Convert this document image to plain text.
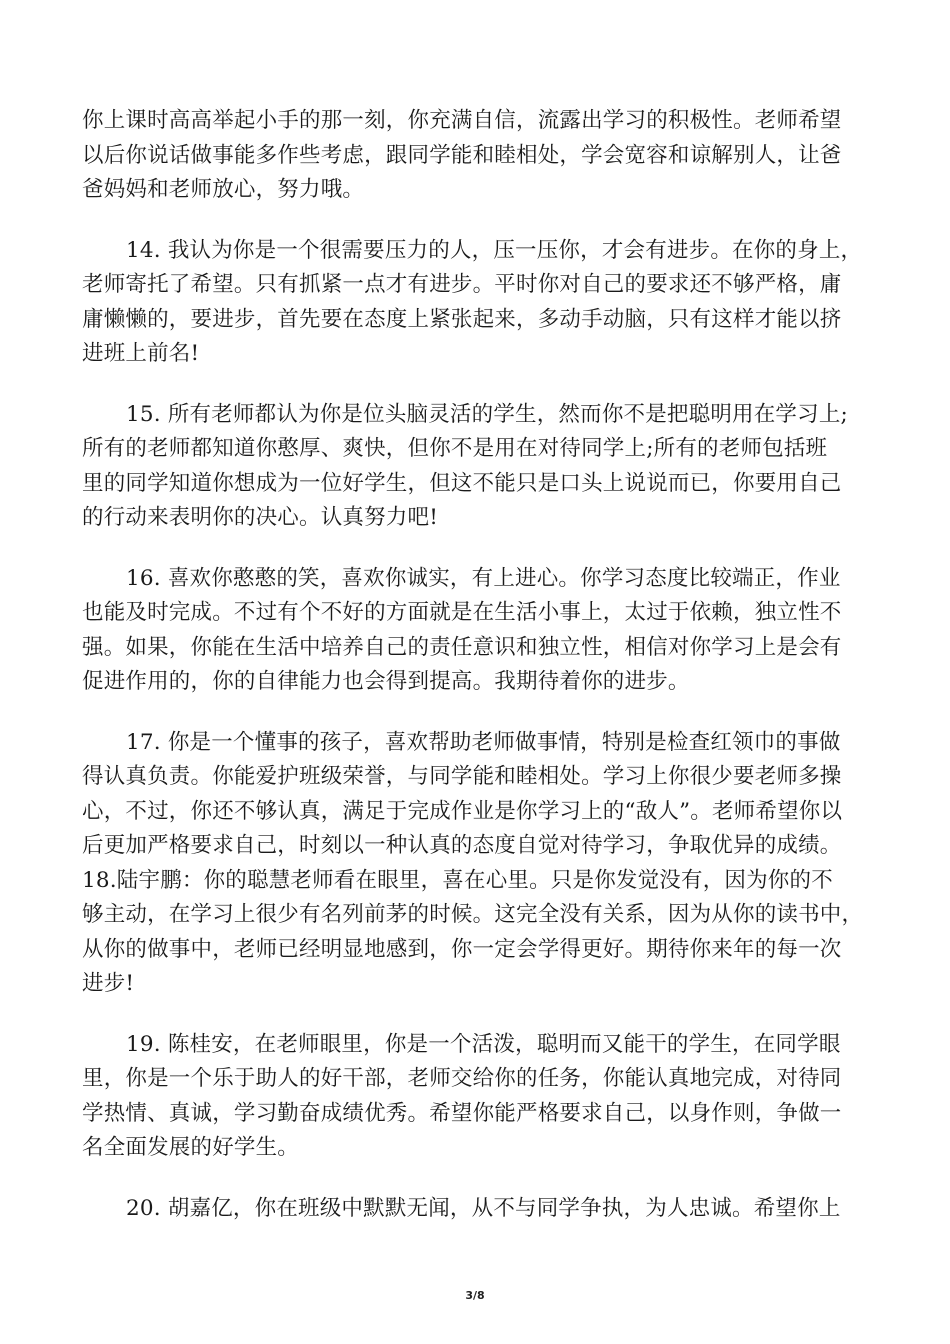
你上课时高高举起小手的那一刻，你充满自信，流露出学习的积极性。老师希望
以后你说话做事能多作些考虑，跟同学能和睦相处，学会宽容和谅解别人，让爸
爸妈妈和老师放心，努力哦。

14. 我认为你是一个很需要压力的人，压一压你，才会有进步。在你的身上，
老师寄托了希望。只有抓紧一点才有进步。平时你对自己的要求还不够严格，庸
庸懒懒的，要进步，首先要在态度上紧张起来，多动手动脑，只有这样才能以挤
进班上前名!

15. 所有老师都认为你是位头脑灵活的学生，然而你不是把聪明用在学习上;
所有的老师都知道你憨厚、爽快，但你不是用在对待同学上;所有的老师包括班
里的同学知道你想成为一位好学生，但这不能只是口头上说说而已，你要用自己
的行动来表明你的决心。认真努力吧!

16. 喜欢你憨憨的笑，喜欢你诚实，有上进心。你学习态度比较端正，作业
也能及时完成。不过有个不好的方面就是在生活小事上，太过于依赖，独立性不
强。如果，你能在生活中培养自己的责任意识和独立性，相信对你学习上是会有
促进作用的，你的自律能力也会得到提高。我期待着你的进步。

17. 你是一个懂事的孩子，喜欢帮助老师做事情，特别是检查红领巾的事做
得认真负责。你能爱护班级荣誉，与同学能和睦相处。学习上你很少要老师多操
心，不过，你还不够认真，满足于完成作业是你学习上的“敌人”。老师希望你以
后更加严格要求自己，时刻以一种认真的态度自觉对待学习，争取优异的成绩。
18.陆宇鹏：你的聪慧老师看在眼里，喜在心里。只是你发觉没有，因为你的不
够主动，在学习上很少有名列前茅的时候。这完全没有关系，因为从你的读书中，
从你的做事中，老师已经明显地感到，你一定会学得更好。期待你来年的每一次
进步!

19. 陈桂安，在老师眼里，你是一个活泼，聪明而又能干的学生，在同学眼
里，你是一个乐于助人的好干部，老师交给你的任务，你能认真地完成，对待同
学热情、真诚，学习勤奋成绩优秀。希望你能严格要求自己，以身作则，争做一
名全面发展的好学生。

20. 胡嘉亿，你在班级中默默无闻，从不与同学争执，为人忠诚。希望你上

3/8
